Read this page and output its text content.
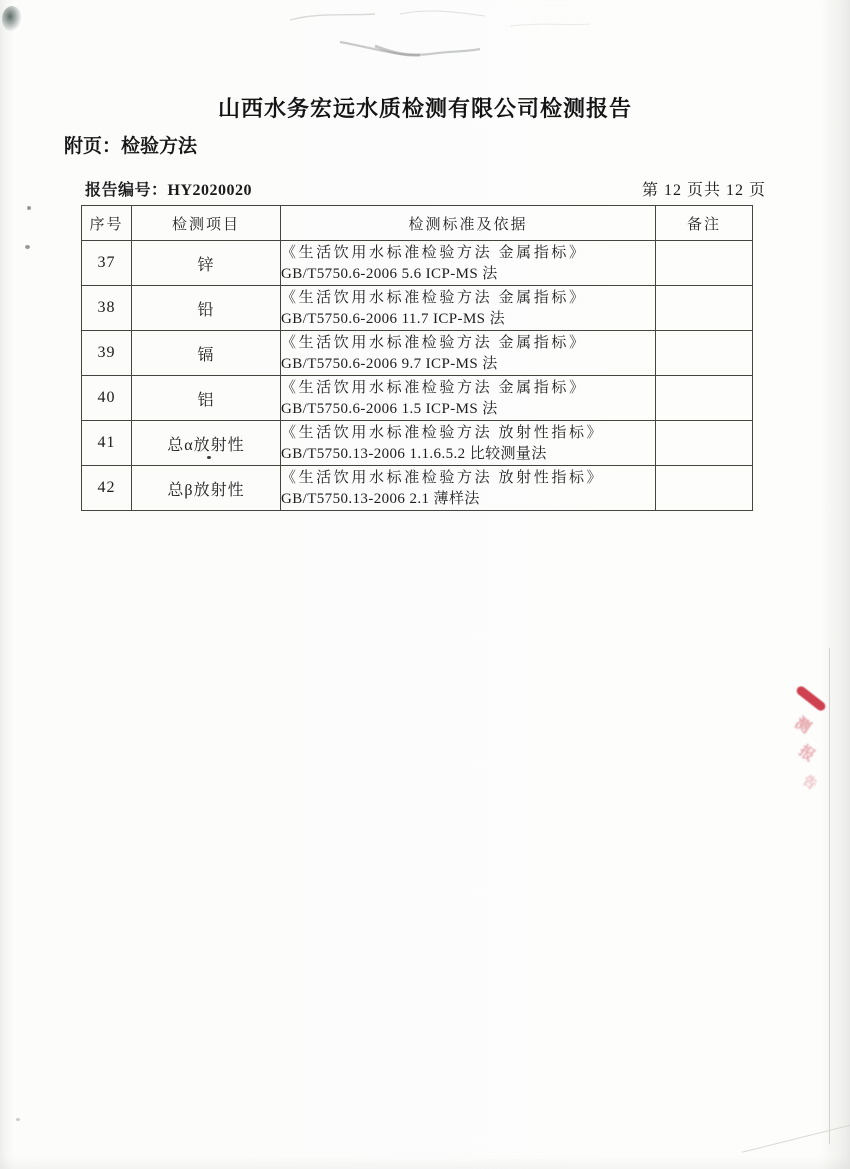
测
报
告
山西水务宏远水质检测有限公司检测报告
附页：检验方法
报告编号：HY2020020	第 12 页共 12 页
序号	检测项目	检测标准及依据	备注
37	锌	《生活饮用水标准检验方法 金属指标》
GB/T5750.6-2006 5.6 ICP-MS 法	

38	铅	《生活饮用水标准检验方法 金属指标》
GB/T5750.6-2006 11.7 ICP-MS 法	

39	镉	《生活饮用水标准检验方法 金属指标》
GB/T5750.6-2006 9.7 ICP-MS 法	

40	铝	《生活饮用水标准检验方法 金属指标》
GB/T5750.6-2006 1.5 ICP-MS 法	

41	总α放射性	《生活饮用水标准检验方法 放射性指标》
GB/T5750.13-2006 1.1.6.5.2 比较测量法	

42	总β放射性	《生活饮用水标准检验方法 放射性指标》
GB/T5750.13-2006 2.1 薄样法	
